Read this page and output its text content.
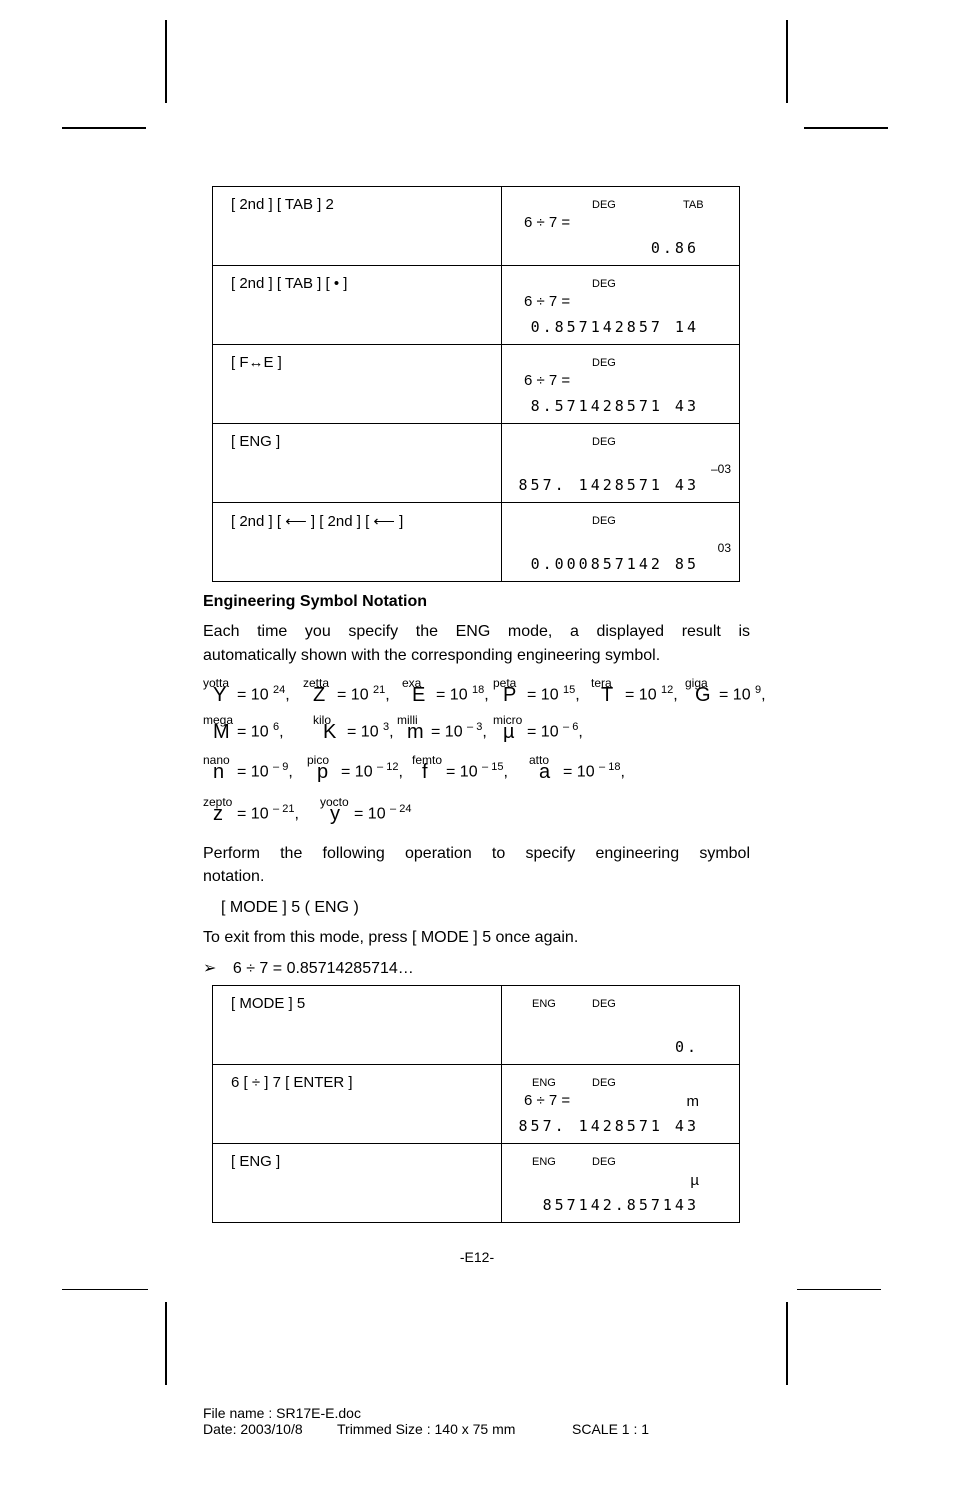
[ 2nd ] [ TAB ] 2	DEG TAB
6 ÷ 7 =
0.86

[ 2nd ] [ TAB ] [ • ]	DEG
6 ÷ 7 =
0.857142857 14

[ F↔E ]	DEG
6 ÷ 7 =
8.571428571 43

[ ENG ]	DEG
–03
857. 1428571 43

[ 2nd ] [ ⟵ ] [ 2nd ] [ ⟵ ]	DEG
03
0.000857142 85
Engineering Symbol Notation
Each time you specify the ENG mode, a displayed result is
automatically shown with the corresponding engineering symbol.
yotta
Y = 10 $^{24}$,
zetta
Z = 10 $^{21}$,
exa
E = 10 $^{18}$,
peta
P = 10 $^{15}$,
tera
T = 10 $^{12}$,
giga
G = 10 $^9$,
mega
M = 10 $^6$,
kilo
K = 10 $^3$,
milli
m = 10 $^{- 3}$,
micro
µ = 10 $^{- 6}$,
nano
n = 10 $^{- 9}$,
pico
p = 10 $^{- 12}$,
femto
f = 10 $^{- 15}$,
atto
a = 10 $^{- 18}$,
zepto
z = 10 $^{- 21}$,
yocto
y = 10 $^{- 24}$
Perform the following operation to specify engineering symbol
notation.
[ MODE ] 5 ( ENG )
To exit from this mode, press [ MODE ] 5 once again.
➢ 6 ÷ 7 = 0.85714285714…
[ MODE ] 5	ENG DEG
0.

6 [ ÷ ] 7 [ ENTER ]	ENG DEG
6 ÷ 7 = m
857. 1428571 43

[ ENG ]	ENG DEG
µ
857142.857143
-E12-
File name : SR17E-E.doc
Date: 2003/10/8 Trimmed Size : 140 x 75 mm	SCALE 1 : 1
